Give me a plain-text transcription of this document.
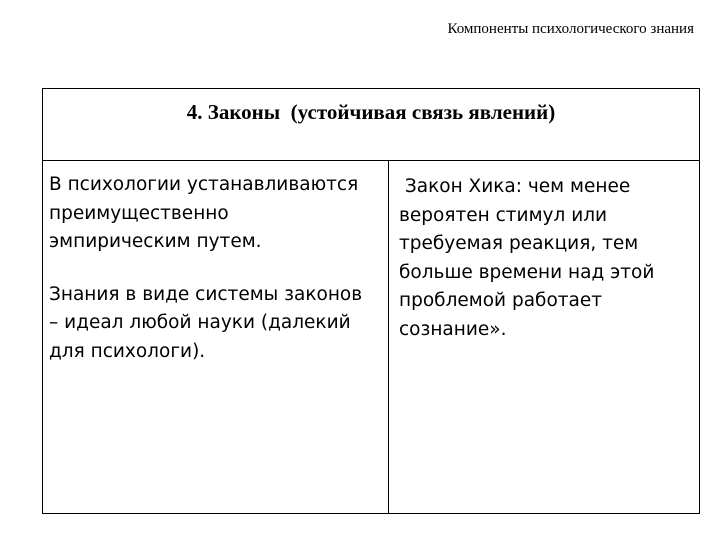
Компоненты психологического знания
4. Законы  (устойчивая связь явлений)

В психологии устанавливаются
преимущественно
эмпирическим путем.

Знания в виде системы законов
– идеал любой науки (далекий
для психологи).

Закон Хика: чем менее
вероятен стимул или
требуемая реакция, тем
больше времени над этой
проблемой работает
сознание».
